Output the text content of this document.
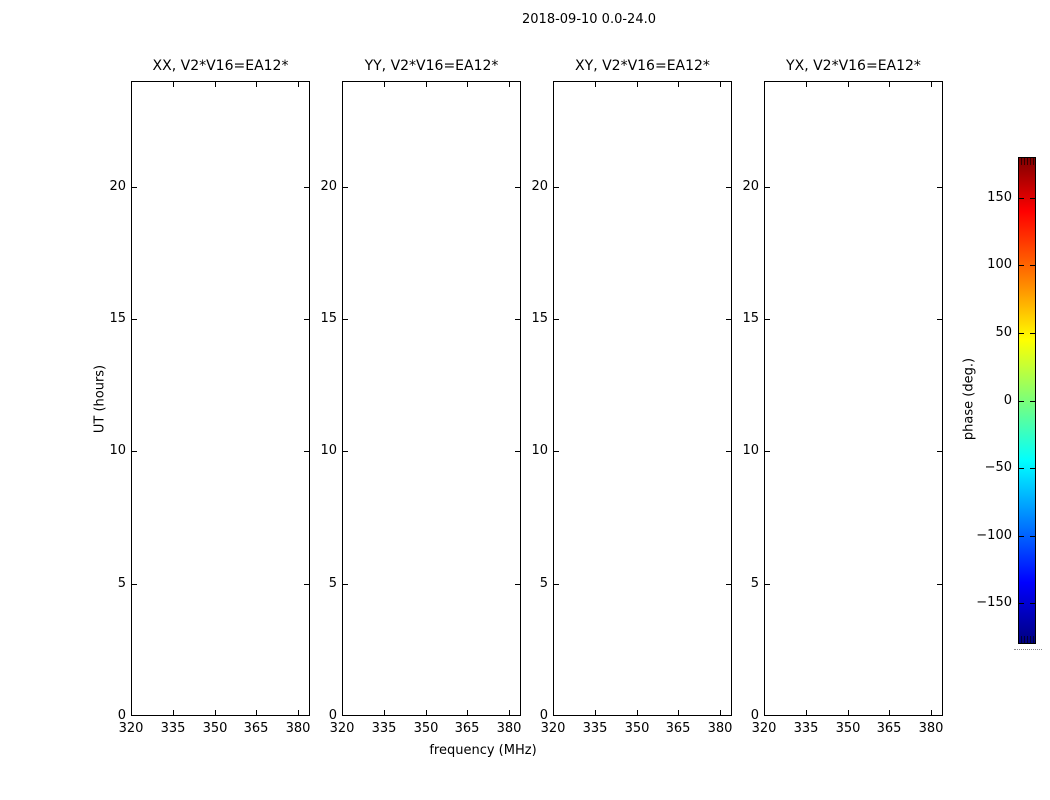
2018-09-10 0.0-24.0
XX, V2*V16=EA12*
320	335	350	365	380
0
5
10
15
20
YY, V2*V16=EA12*
320	335	350	365	380
0
5
10
15
20
XY, V2*V16=EA12*
320	335	350	365	380
0
5
10
15
20
YX, V2*V16=EA12*
320	335	350	365	380
0
5
10
15
20
UT (hours)
frequency (MHz)
150
100
50
0
−50
−100
−150
phase (deg.)
